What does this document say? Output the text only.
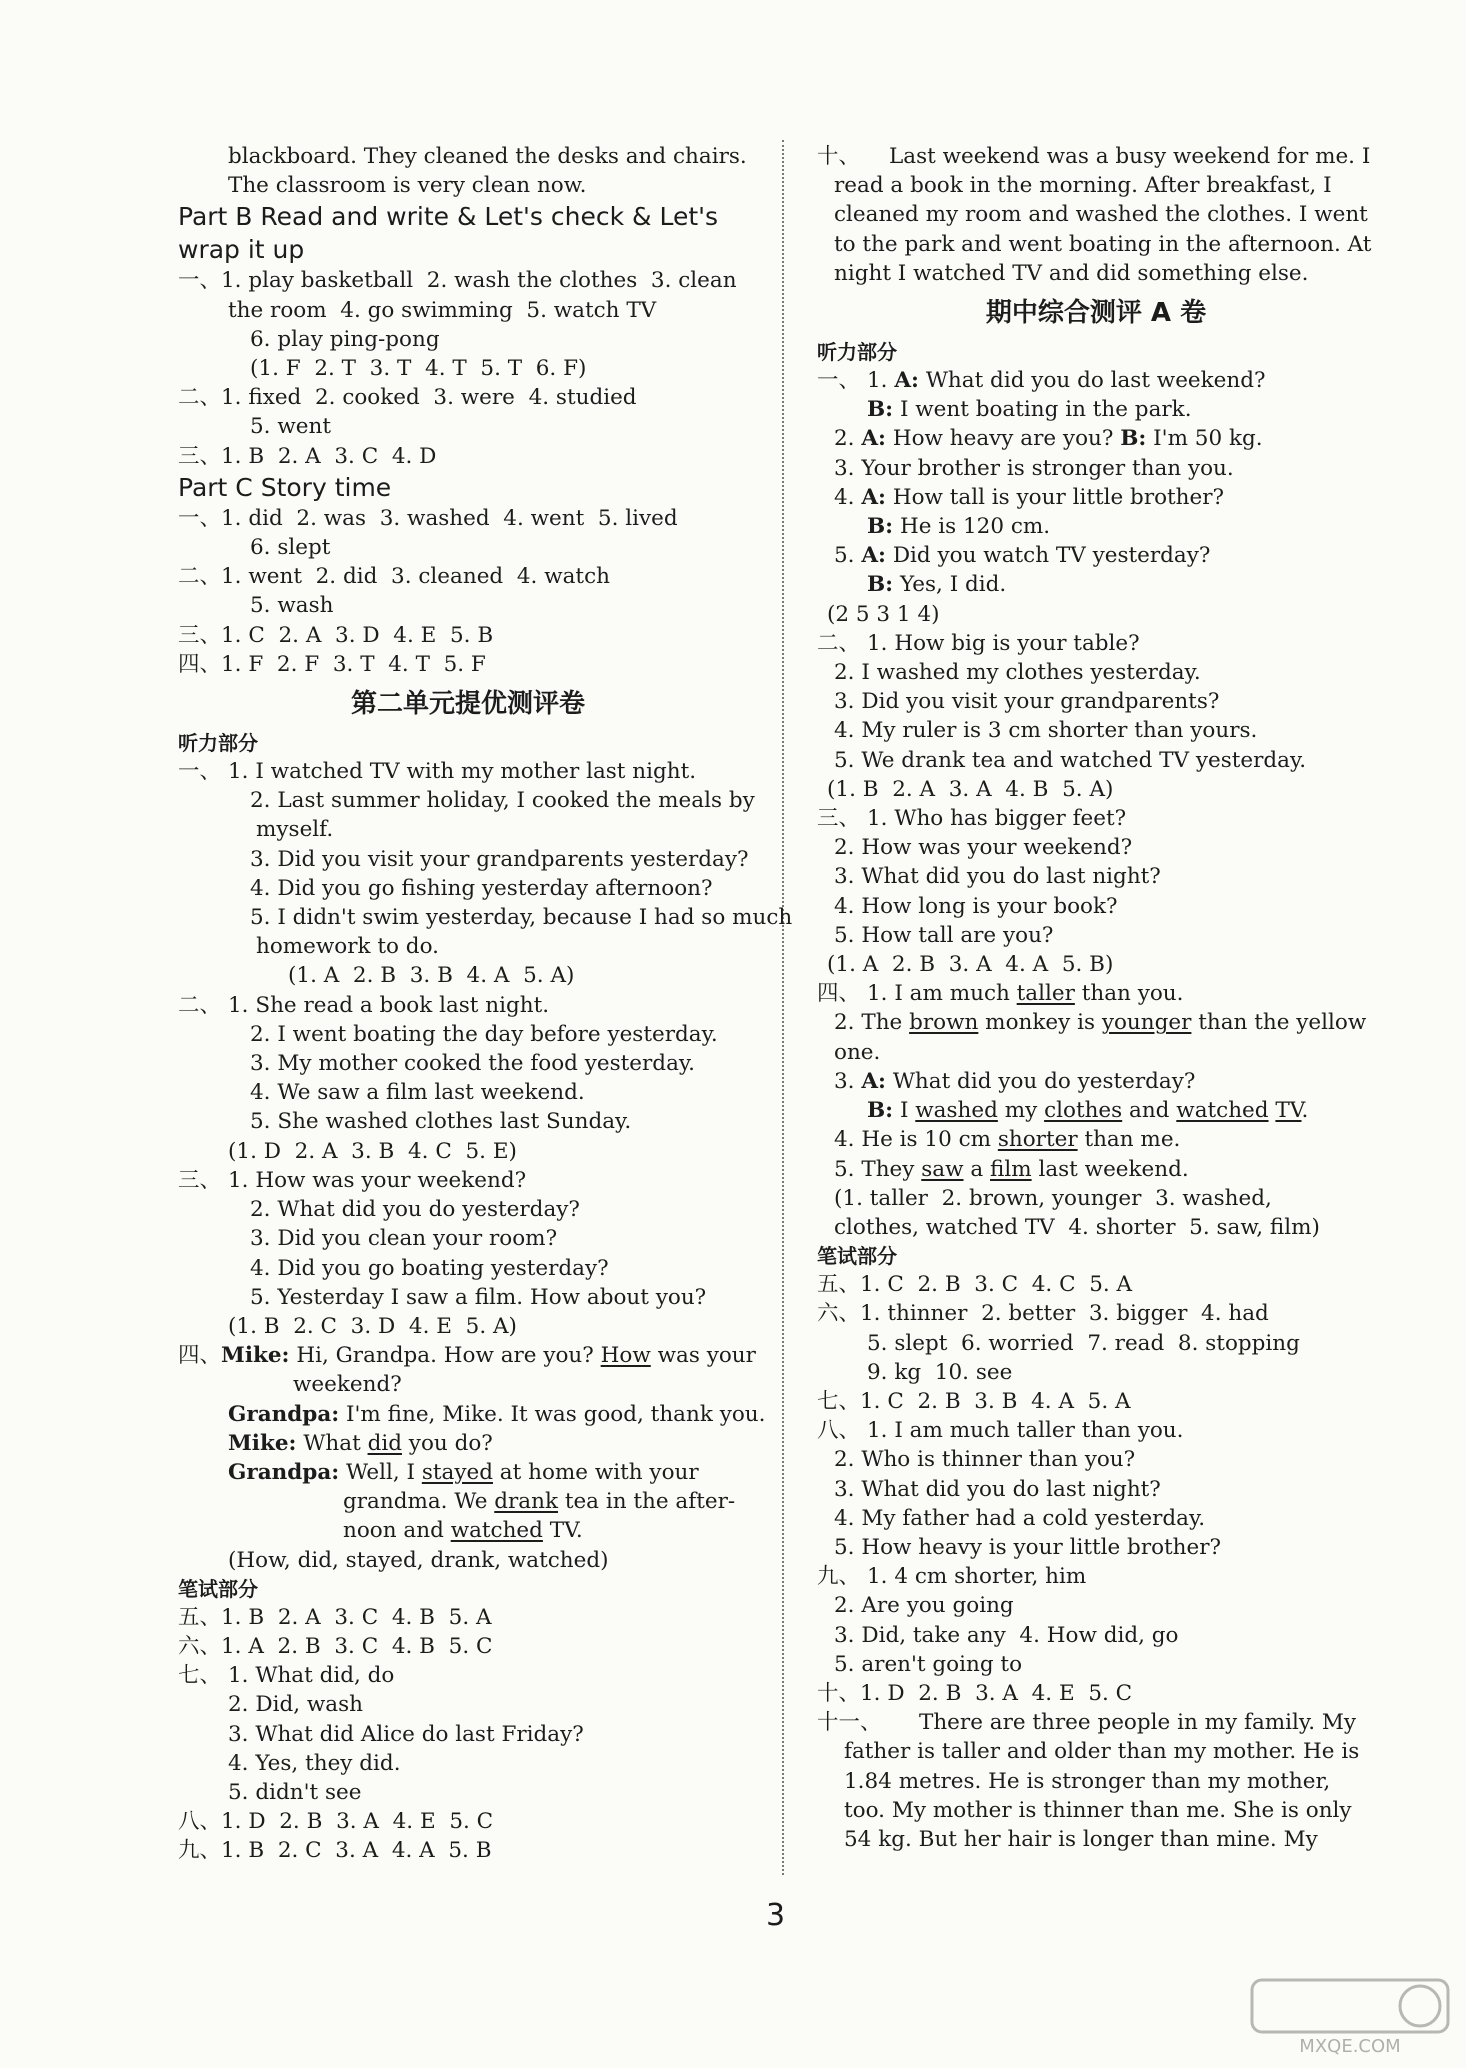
blackboard. They cleaned the desks and chairs.
The classroom is very clean now.
Part B Read and write & Let's check & Let's wrap it up
一、1. play basketball  2. wash the clothes  3. clean
the room  4. go swimming  5. watch TV
6. play ping-pong
(1. F  2. T  3. T  4. T  5. T  6. F)
二、1. fixed  2. cooked  3. were  4. studied
5. went
三、1. B  2. A  3. C  4. D
Part C Story time
一、1. did  2. was  3. washed  4. went  5. lived
6. slept
二、1. went  2. did  3. cleaned  4. watch
5. wash
三、1. C  2. A  3. D  4. E  5. B
四、1. F  2. F  3. T  4. T  5. F
第二单元提优测评卷
听力部分
一、 1. I watched TV with my mother last night.
2. Last summer holiday, I cooked the meals by
myself.
3. Did you visit your grandparents yesterday?
4. Did you go fishing yesterday afternoon?
5. I didn't swim yesterday, because I had so much
homework to do.
(1. A  2. B  3. B  4. A  5. A)
二、 1. She read a book last night.
2. I went boating the day before yesterday.
3. My mother cooked the food yesterday.
4. We saw a film last weekend.
5. She washed clothes last Sunday.
(1. D  2. A  3. B  4. C  5. E)
三、 1. How was your weekend?
2. What did you do yesterday?
3. Did you clean your room?
4. Did you go boating yesterday?
5. Yesterday I saw a film. How about you?
(1. B  2. C  3. D  4. E  5. A)
四、Mike: Hi, Grandpa. How are you? How was your
weekend?
Grandpa: I'm fine, Mike. It was good, thank you.
Mike: What did you do?
Grandpa: Well, I stayed at home with your
grandma. We drank tea in the after-
noon and watched TV.
(How, did, stayed, drank, watched)
笔试部分
五、1. B  2. A  3. C  4. B  5. A
六、1. A  2. B  3. C  4. B  5. C
七、 1. What did, do
2. Did, wash
3. What did Alice do last Friday?
4. Yes, they did.
5. didn't see
八、1. D  2. B  3. A  4. E  5. C
九、1. B  2. C  3. A  4. A  5. B
十、 Last weekend was a busy weekend for me. I
read a book in the morning. After breakfast, I
cleaned my room and washed the clothes. I went
to the park and went boating in the afternoon. At
night I watched TV and did something else.
期中综合测评 A 卷
听力部分
一、 1. A: What did you do last weekend?
B: I went boating in the park.
2. A: How heavy are you? B: I'm 50 kg.
3. Your brother is stronger than you.
4. A: How tall is your little brother?
B: He is 120 cm.
5. A: Did you watch TV yesterday?
B: Yes, I did.
(2 5 3 1 4)
二、 1. How big is your table?
2. I washed my clothes yesterday.
3. Did you visit your grandparents?
4. My ruler is 3 cm shorter than yours.
5. We drank tea and watched TV yesterday.
(1. B  2. A  3. A  4. B  5. A)
三、 1. Who has bigger feet?
2. How was your weekend?
3. What did you do last night?
4. How long is your book?
5. How tall are you?
(1. A  2. B  3. A  4. A  5. B)
四、 1. I am much taller than you.
2. The brown monkey is younger than the yellow
one.
3. A: What did you do yesterday?
B: I washed my clothes and watched TV.
4. He is 10 cm shorter than me.
5. They saw a film last weekend.
(1. taller  2. brown, younger  3. washed,
clothes, watched TV  4. shorter  5. saw, film)
笔试部分
五、1. C  2. B  3. C  4. C  5. A
六、1. thinner  2. better  3. bigger  4. had
5. slept  6. worried  7. read  8. stopping
9. kg  10. see
七、1. C  2. B  3. B  4. A  5. A
八、 1. I am much taller than you.
2. Who is thinner than you?
3. What did you do last night?
4. My father had a cold yesterday.
5. How heavy is your little brother?
九、 1. 4 cm shorter, him
2. Are you going
3. Did, take any  4. How did, go
5. aren't going to
十、1. D  2. B  3. A  4. E  5. C
十一、 There are three people in my family. My
father is taller and older than my mother. He is
1.84 metres. He is stronger than my mother,
too. My mother is thinner than me. She is only
54 kg. But her hair is longer than mine. My
3
MXQE.COM
